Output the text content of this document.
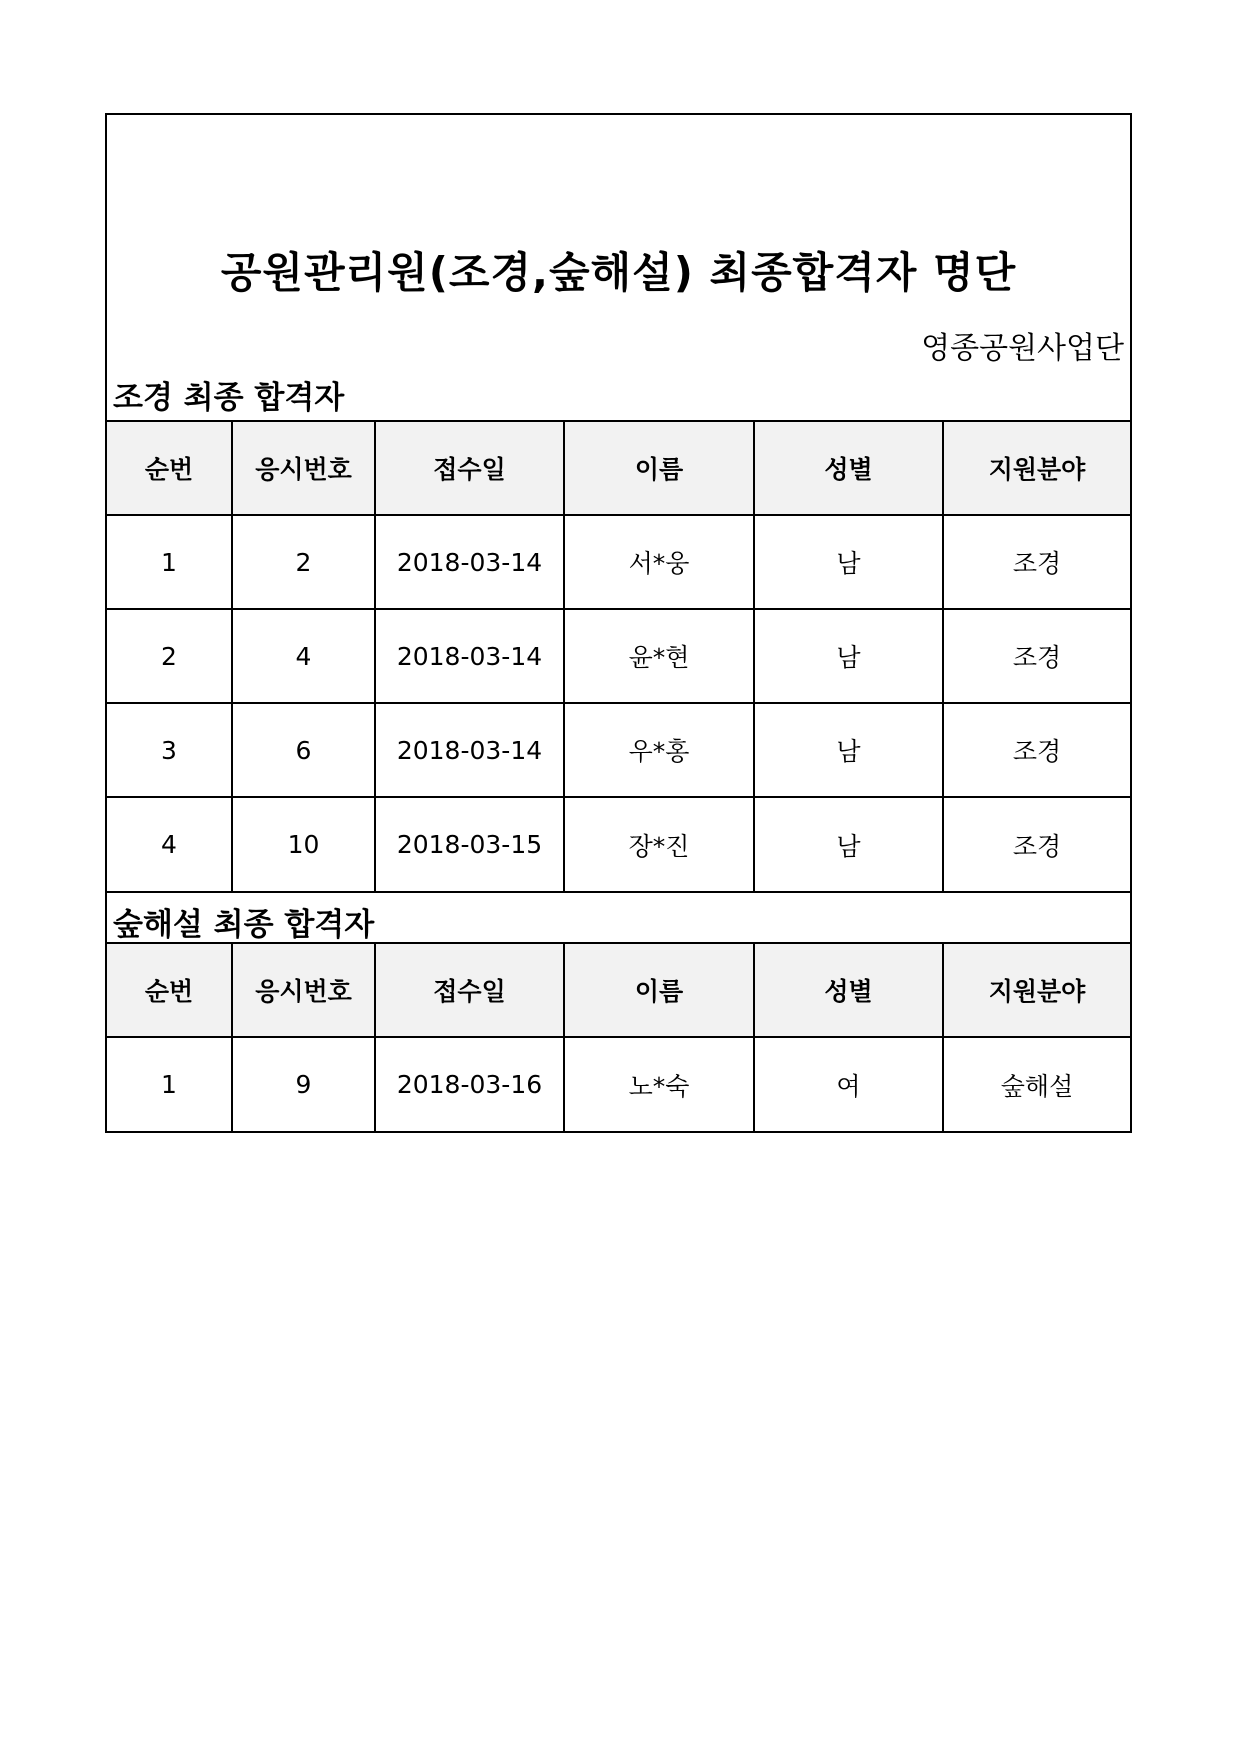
공원관리원(조경,숲해설) 최종합격자 명단
영종공원사업단
조경 최종 합격자
순번	응시번호	접수일	이름	성별	지원분야
1	2	2018-03-14	서*웅	남	조경
2	4	2018-03-14	윤*현	남	조경
3	6	2018-03-14	우*홍	남	조경
4	10	2018-03-15	장*진	남	조경
숲해설 최종 합격자
순번	응시번호	접수일	이름	성별	지원분야
1	9	2018-03-16	노*숙	여	숲해설
